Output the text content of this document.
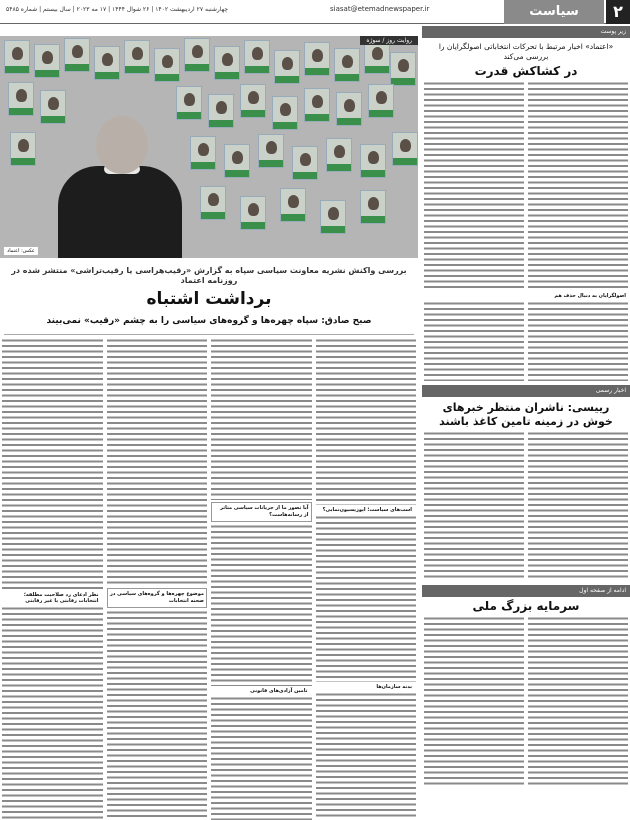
۲
سیاست
siasat@etemadnewspaper.ir
چهارشنبه ۲۷ اردیبهشت ۱۴۰۲ | ۲۶ شوال ۱۴۴۴ | ۱۷ مه ۲۰۲۳ | سال بیستم | شماره ۵۴۸۵
زیر پوست
«اعتماد» اخبار مرتبط با تحرکات انتخاباتی اصولگرایان را بررسی می‌کند
در کشاکش قدرت
اصولگرایان به دنبال حذف هم
اخبار رسمی
رییسی: ناشران منتظر خبرهای خوش در زمینه تامین کاغذ باشند
ادامه از صفحه اول
سرمایه بزرگ ملی
روایت روز / سوژه
عکس: اعتماد
بررسی واکنش نشریه معاونت سیاسی سپاه به گزارش «رقیب‌هراسی یا رقیب‌تراشی» منتشر شده در روزنامه اعتماد
برداشت اشتباه
صبح صادق: سپاه چهره‌ها و گروه‌های سیاسی را به چشم «رقیب» نمی‌بیند
اسب‌های سیاست؛ اپوزیسیون‌نمایی؟
بدنه سازمان‌ها
آیا تصور ما از جریانات سیاسی متاثر از رسانه‌هاست؟
تامین آزادی‌های قانونی
موضوع چهره‌ها و گروه‌های سیاسی در صحنه انتخابات
نظر ادعای رد صلاحیت مطلقه؛ انتخابات رقابتی یا غیر رقابتی
